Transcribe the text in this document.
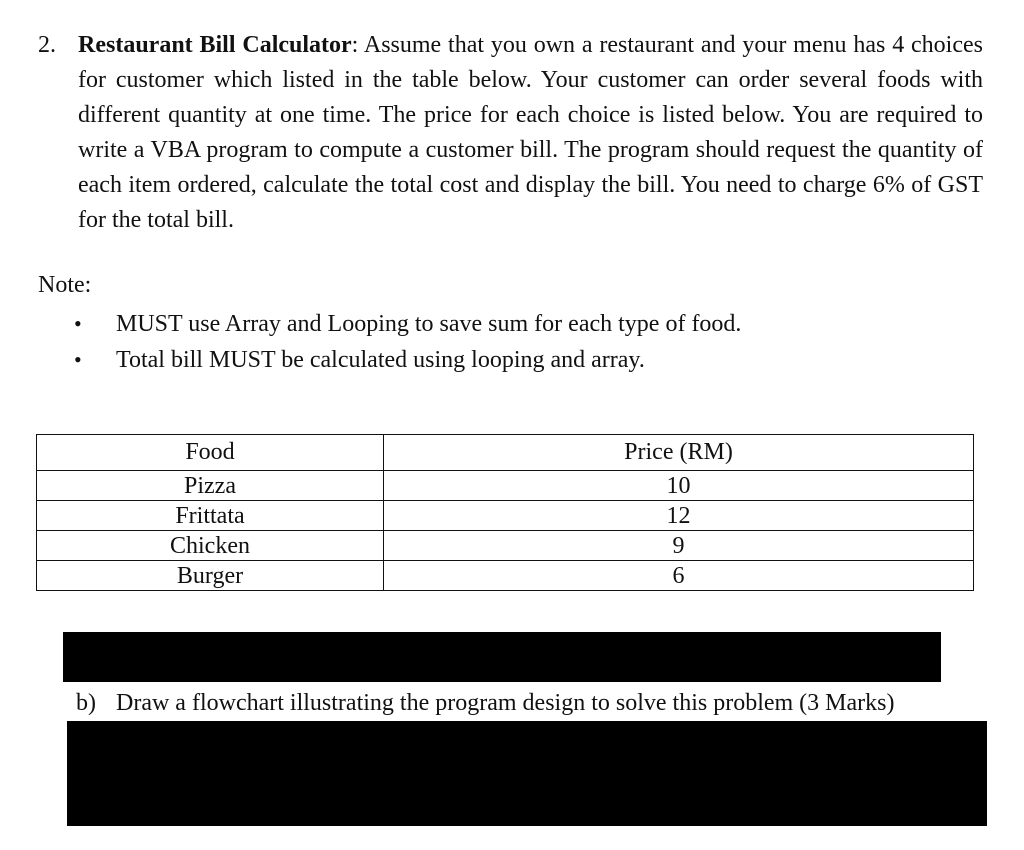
2. Restaurant Bill Calculator: Assume that you own a restaurant and your menu has 4 choices for customer which listed in the table below. Your customer can order several foods with different quantity at one time. The price for each choice is listed below. You are required to write a VBA program to compute a customer bill. The program should request the quantity of each item ordered, calculate the total cost and display the bill. You need to charge 6% of GST for the total bill.
Note:
• MUST use Array and Looping to save sum for each type of food.
• Total bill MUST be calculated using looping and array.
Food	Price (RM)
Pizza	10
Frittata	12
Chicken	9
Burger	6
b) Draw a flowchart illustrating the program design to solve this problem (3 Marks)
